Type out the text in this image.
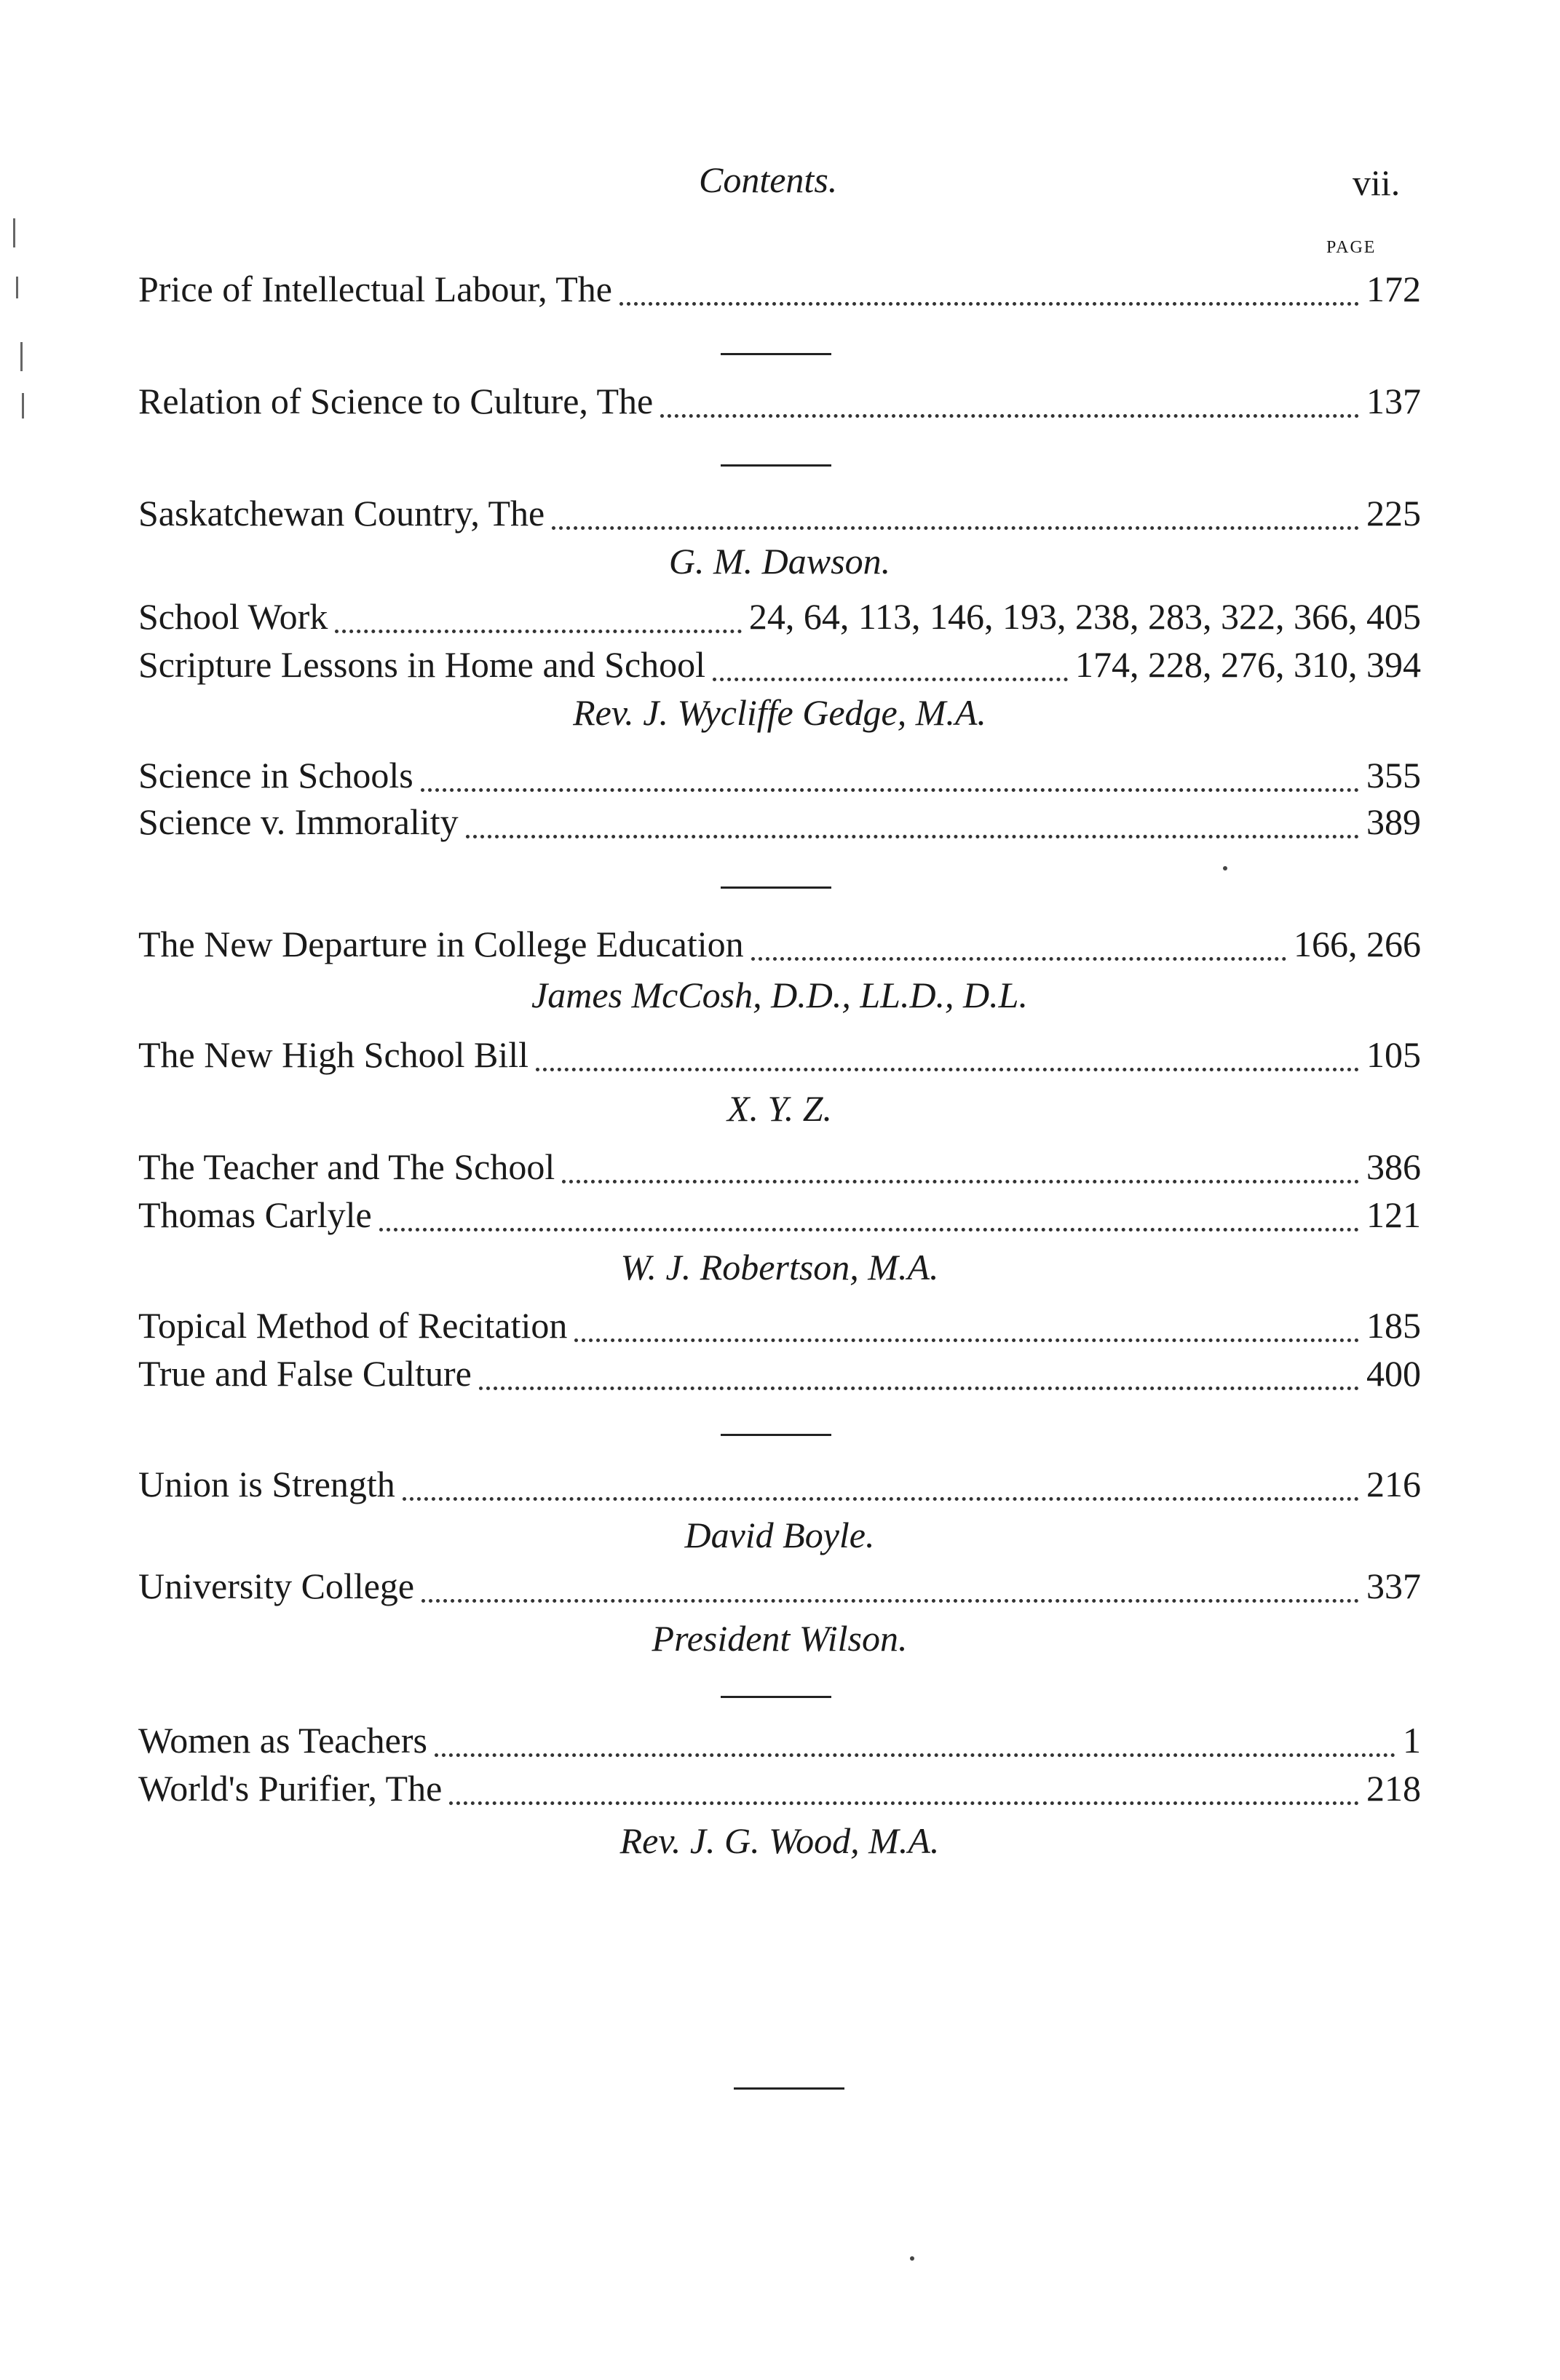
Contents.	vii.
PAGE
Price of Intellectual Labour, The	172
Relation of Science to Culture, The	137
Saskatchewan Country, The	225
G. M. Dawson.
School Work	24, 64, 113, 146, 193, 238, 283, 322, 366, 405
Scripture Lessons in Home and School	174, 228, 276, 310, 394
Rev. J. Wycliffe Gedge, M.A.
Science in Schools	355
Science v. Immorality	389
The New Departure in College Education	166, 266
James McCosh, D.D., LL.D., D.L.
The New High School Bill	105
X. Y. Z.
The Teacher and The School	386
Thomas Carlyle	121
W. J. Robertson, M.A.
Topical Method of Recitation	185
True and False Culture	400
Union is Strength	216
David Boyle.
University College	337
President Wilson.
Women as Teachers	1
World's Purifier, The	218
Rev. J. G. Wood, M.A.
